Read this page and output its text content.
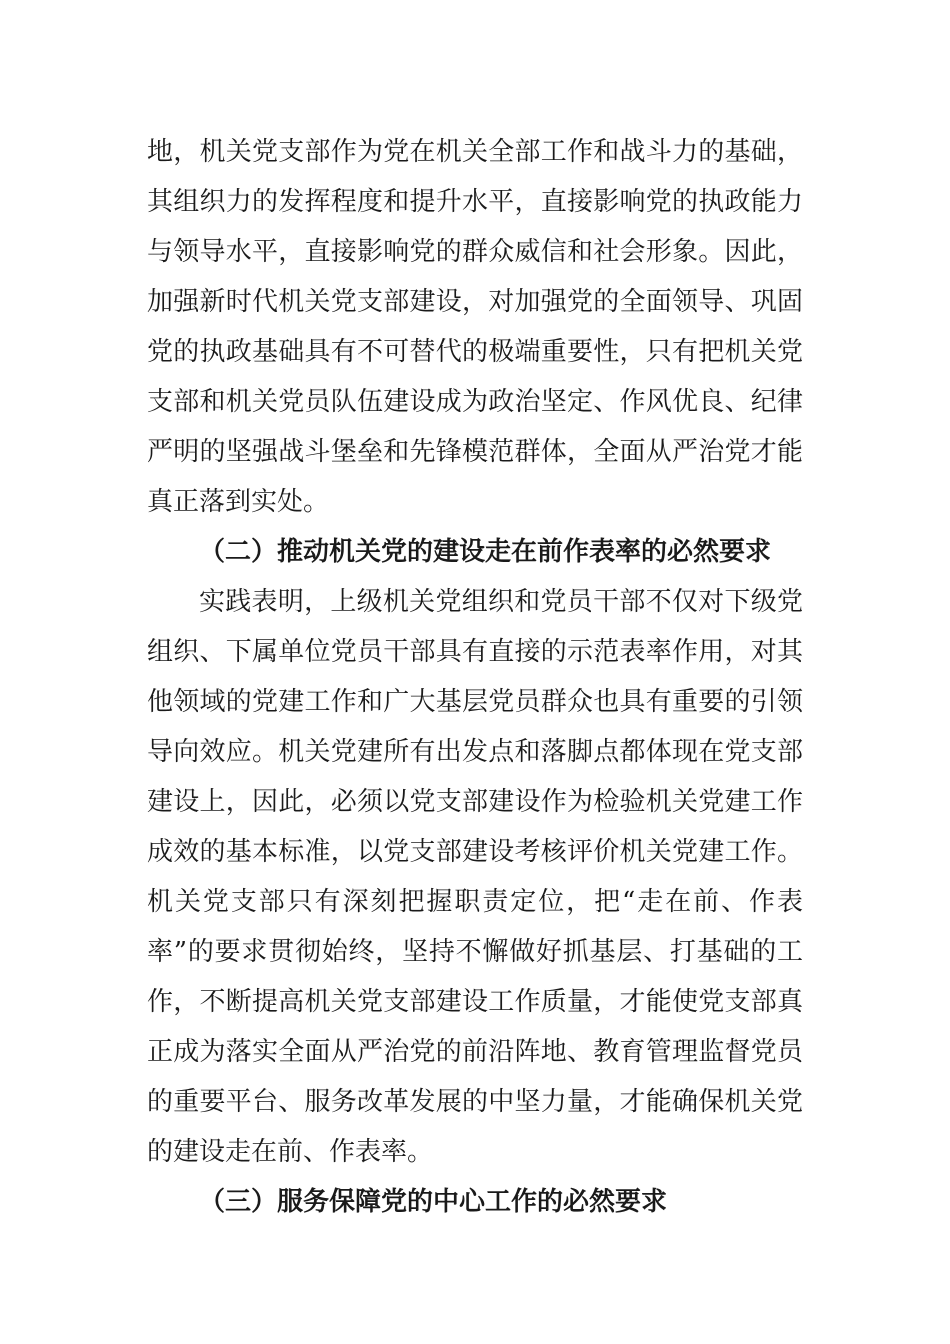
地，机关党支部作为党在机关全部工作和战斗力的基础，
其组织力的发挥程度和提升水平，直接影响党的执政能力
与领导水平，直接影响党的群众威信和社会形象。因此，
加强新时代机关党支部建设，对加强党的全面领导、巩固
党的执政基础具有不可替代的极端重要性，只有把机关党
支部和机关党员队伍建设成为政治坚定、作风优良、纪律
严明的坚强战斗堡垒和先锋模范群体，全面从严治党才能
真正落到实处。
（二）推动机关党的建设走在前作表率的必然要求
实践表明，上级机关党组织和党员干部不仅对下级党
组织、下属单位党员干部具有直接的示范表率作用，对其
他领域的党建工作和广大基层党员群众也具有重要的引领
导向效应。机关党建所有出发点和落脚点都体现在党支部
建设上，因此，必须以党支部建设作为检验机关党建工作
成效的基本标准，以党支部建设考核评价机关党建工作。
机关党支部只有深刻把握职责定位，把“走在前、作表
率”的要求贯彻始终，坚持不懈做好抓基层、打基础的工
作，不断提高机关党支部建设工作质量，才能使党支部真
正成为落实全面从严治党的前沿阵地、教育管理监督党员
的重要平台、服务改革发展的中坚力量，才能确保机关党
的建设走在前、作表率。
（三）服务保障党的中心工作的必然要求
